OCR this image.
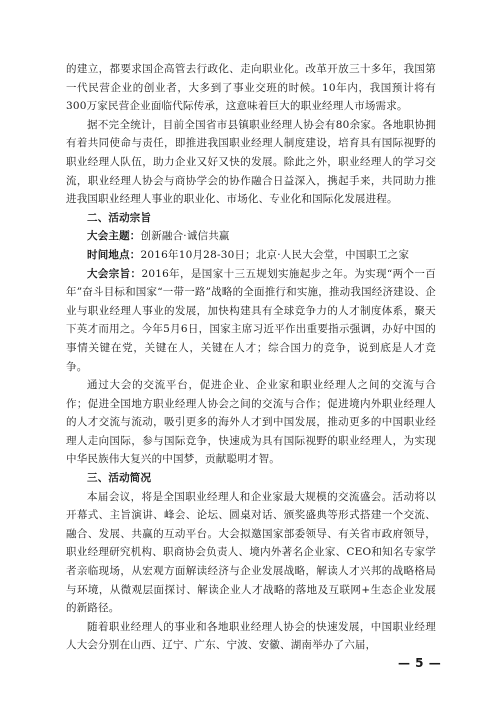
的建立，都要求国企高管去行政化、走向职业化。改革开放三十多年，我国第一代民营企业的创业者，大多到了事业交班的时候。10年内，我国预计将有300万家民营企业面临代际传承，这意味着巨大的职业经理人市场需求。

据不完全统计，目前全国省市县镇职业经理人协会有80余家。各地职协拥有着共同使命与责任，即推进我国职业经理人制度建设，培育具有国际视野的职业经理人队伍，助力企业又好又快的发展。除此之外，职业经理人的学习交流，职业经理人协会与商协学会的协作融合日益深入，携起手来，共同助力推进我国职业经理人事业的职业化、市场化、专业化和国际化发展进程。

二、活动宗旨

大会主题：创新融合·诚信共赢

时间地点：2016年10月28-30日；北京·人民大会堂，中国职工之家

大会宗旨：2016年，是国家十三五规划实施起步之年。为实现“两个一百年”奋斗目标和国家“一带一路”战略的全面推行和实施，推动我国经济建设、企业与职业经理人事业的发展，加快构建具有全球竞争力的人才制度体系，聚天下英才而用之。今年5月6日，国家主席习近平作出重要指示强调，办好中国的事情关键在党，关键在人，关键在人才；综合国力的竞争，说到底是人才竞争。

通过大会的交流平台，促进企业、企业家和职业经理人之间的交流与合作；促进全国地方职业经理人协会之间的交流与合作；促进境内外职业经理人的人才交流与流动，吸引更多的海外人才到中国发展，推动更多的中国职业经理人走向国际，参与国际竞争，快速成为具有国际视野的职业经理人，为实现中华民族伟大复兴的中国梦，贡献聪明才智。

三、活动简况

本届会议，将是全国职业经理人和企业家最大规模的交流盛会。活动将以开幕式、主旨演讲、峰会、论坛、圆桌对话、颁奖盛典等形式搭建一个交流、融合、发展、共赢的互动平台。大会拟邀国家部委领导、有关省市政府领导，职业经理研究机构、职商协会负责人、境内外著名企业家、CEO和知名专家学者亲临现场，从宏观方面解读经济与企业发展战略，解读人才兴邦的战略格局与环境，从微观层面探讨、解读企业人才战略的落地及互联网+生态企业发展的新路径。

随着职业经理人的事业和各地职业经理人协会的快速发展，中国职业经理人大会分别在山西、辽宁、广东、宁波、安徽、湖南举办了六届，

— 5 —
